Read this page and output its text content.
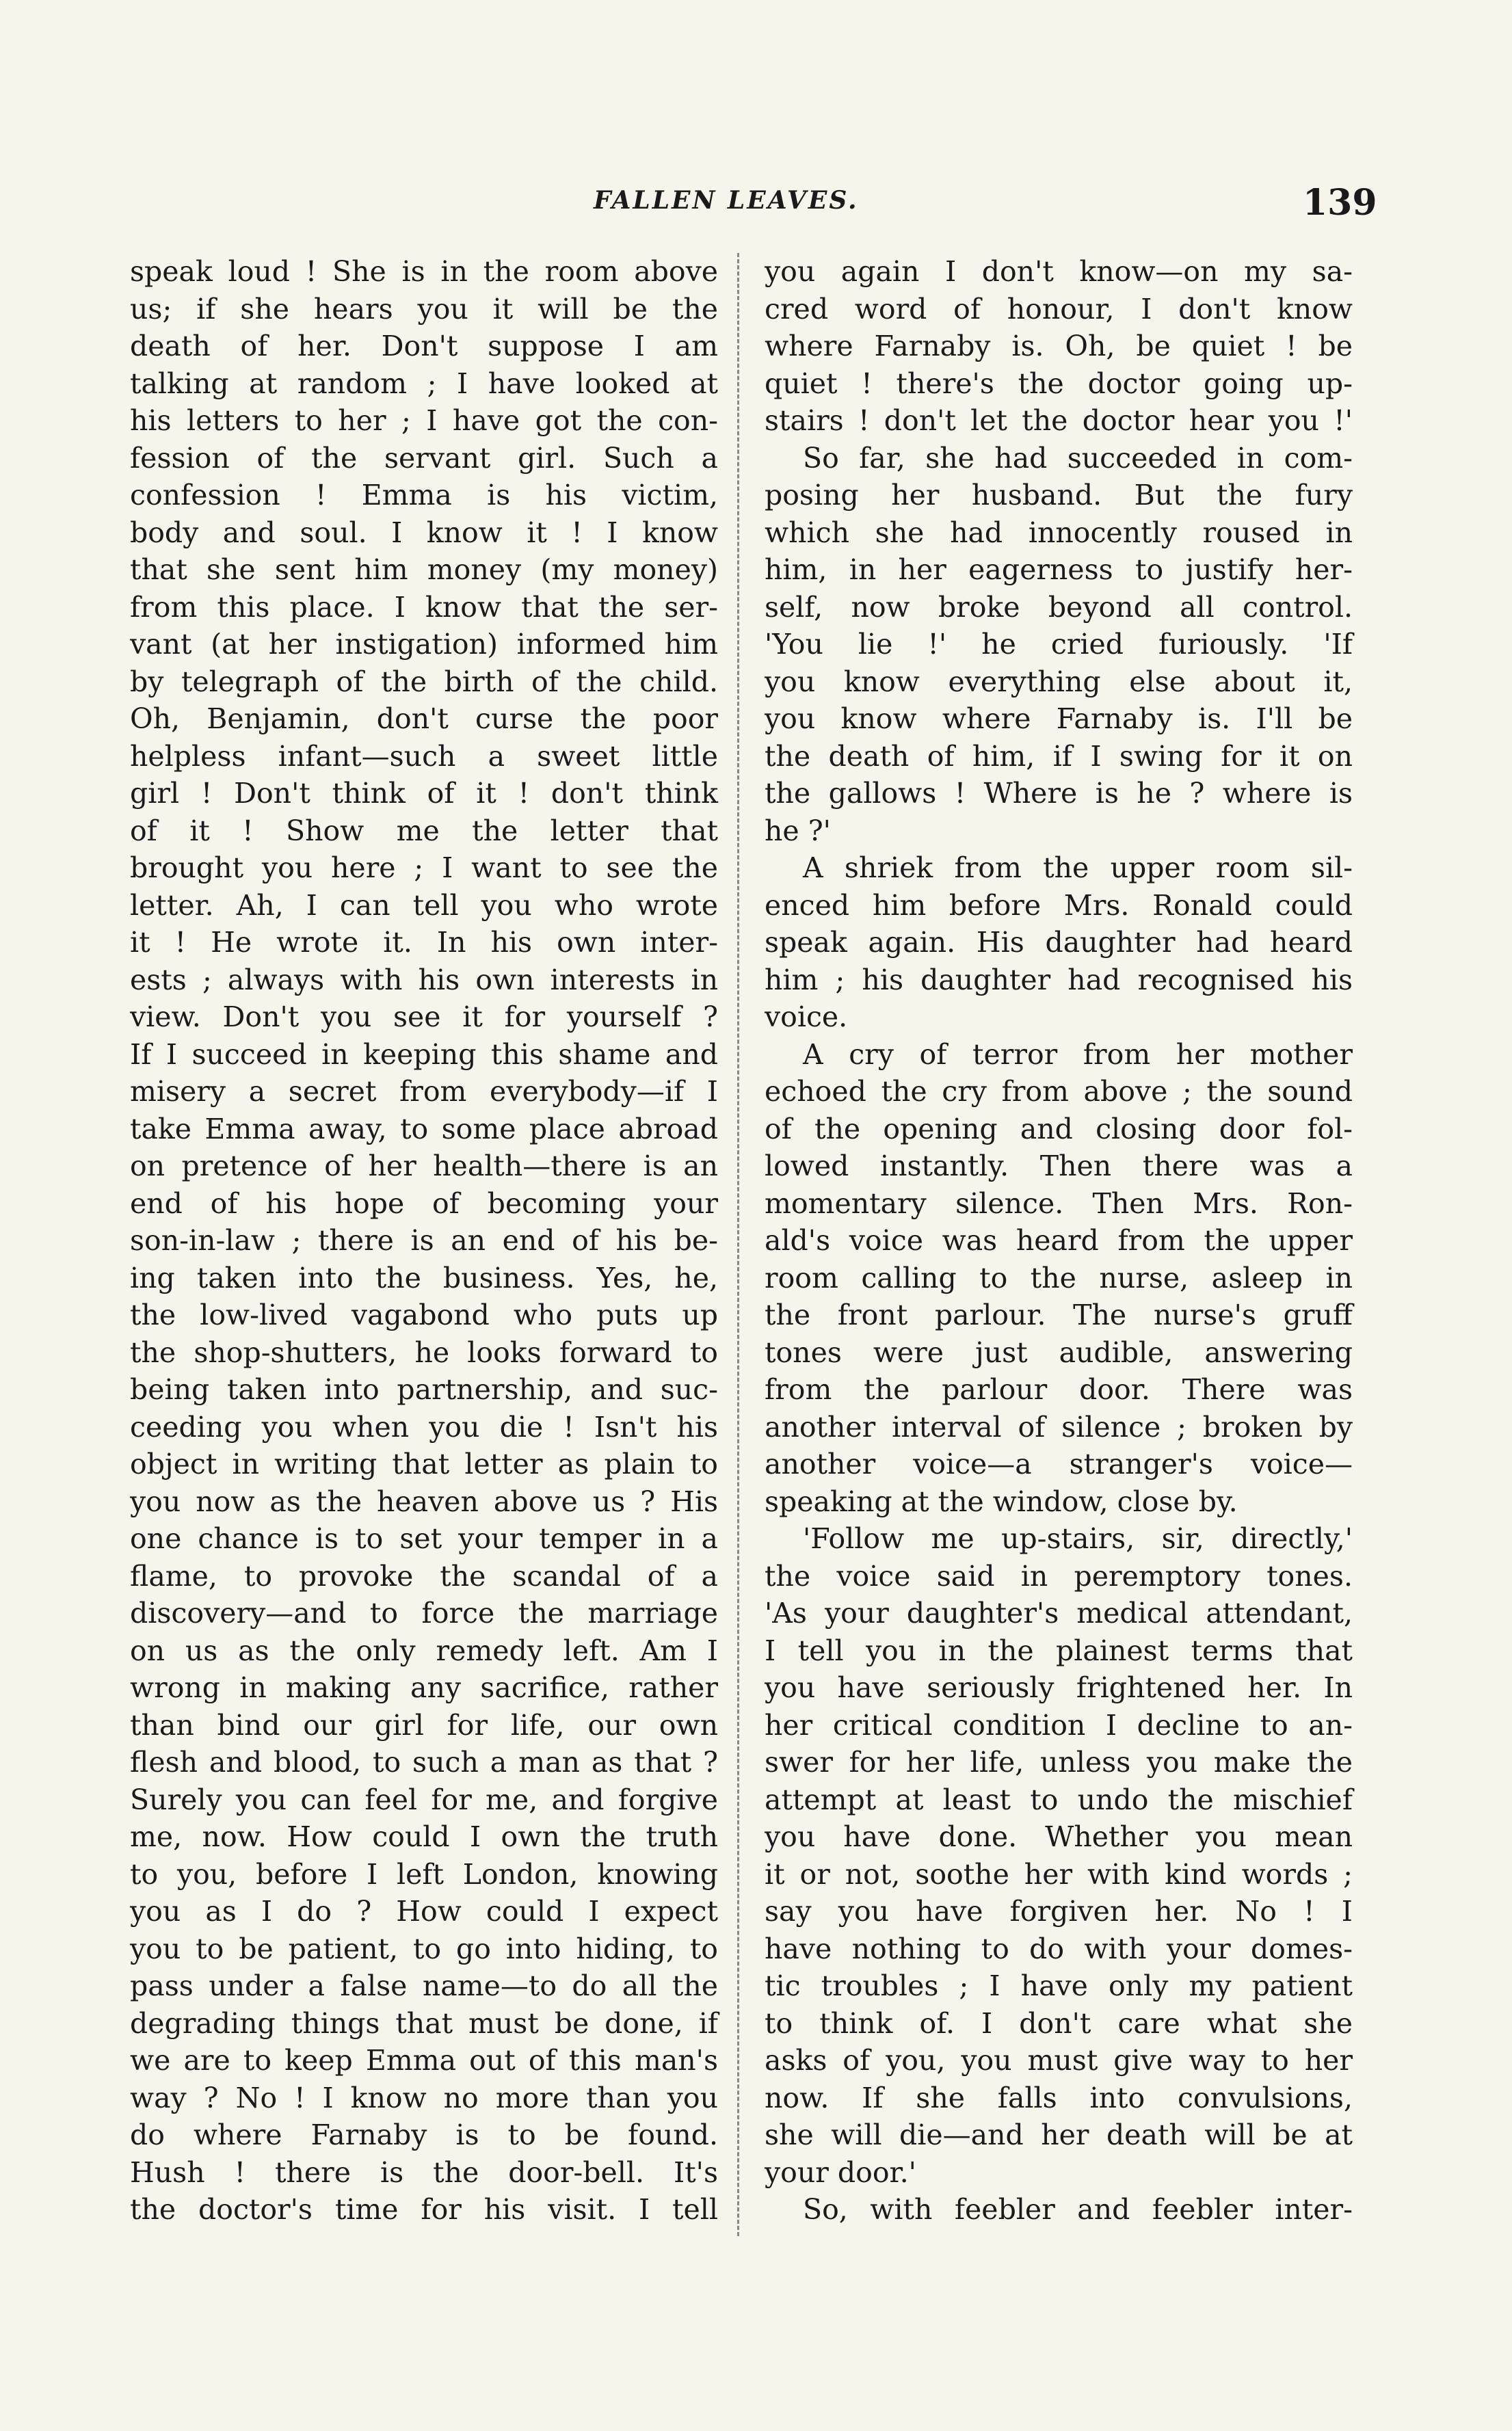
FALLEN LEAVES.	139
speak loud ! She is in the room above
us; if she hears you it will be the
death of her. Don't suppose I am
talking at random ; I have looked at
his letters to her ; I have got the con-
fession of the servant girl. Such a
confession ! Emma is his victim,
body and soul. I know it ! I know
that she sent him money (my money)
from this place. I know that the ser-
vant (at her instigation) informed him
by telegraph of the birth of the child.
Oh, Benjamin, don't curse the poor
helpless infant—such a sweet little
girl ! Don't think of it ! don't think
of it ! Show me the letter that
brought you here ; I want to see the
letter. Ah, I can tell you who wrote
it ! He wrote it. In his own inter-
ests ; always with his own interests in
view. Don't you see it for yourself ?
If I succeed in keeping this shame and
misery a secret from everybody—if I
take Emma away, to some place abroad
on pretence of her health—there is an
end of his hope of becoming your
son-in-law ; there is an end of his be-
ing taken into the business. Yes, he,
the low-lived vagabond who puts up
the shop-shutters, he looks forward to
being taken into partnership, and suc-
ceeding you when you die ! Isn't his
object in writing that letter as plain to
you now as the heaven above us ? His
one chance is to set your temper in a
flame, to provoke the scandal of a
discovery—and to force the marriage
on us as the only remedy left. Am I
wrong in making any sacrifice, rather
than bind our girl for life, our own
flesh and blood, to such a man as that ?
Surely you can feel for me, and forgive
me, now. How could I own the truth
to you, before I left London, knowing
you as I do ? How could I expect
you to be patient, to go into hiding, to
pass under a false name—to do all the
degrading things that must be done, if
we are to keep Emma out of this man's
way ? No ! I know no more than you
do where Farnaby is to be found.
Hush ! there is the door-bell. It's
the doctor's time for his visit. I tell
you again I don't know—on my sa-
cred word of honour, I don't know
where Farnaby is. Oh, be quiet ! be
quiet ! there's the doctor going up-
stairs ! don't let the doctor hear you !'
So far, she had succeeded in com-
posing her husband. But the fury
which she had innocently roused in
him, in her eagerness to justify her-
self, now broke beyond all control.
'You lie !' he cried furiously. 'If
you know everything else about it,
you know where Farnaby is. I'll be
the death of him, if I swing for it on
the gallows ! Where is he ? where is
he ?'
A shriek from the upper room sil-
enced him before Mrs. Ronald could
speak again. His daughter had heard
him ; his daughter had recognised his
voice.
A cry of terror from her mother
echoed the cry from above ; the sound
of the opening and closing door fol-
lowed instantly. Then there was a
momentary silence. Then Mrs. Ron-
ald's voice was heard from the upper
room calling to the nurse, asleep in
the front parlour. The nurse's gruff
tones were just audible, answering
from the parlour door. There was
another interval of silence ; broken by
another voice—a stranger's voice—
speaking at the window, close by.
'Follow me up-stairs, sir, directly,'
the voice said in peremptory tones.
'As your daughter's medical attendant,
I tell you in the plainest terms that
you have seriously frightened her. In
her critical condition I decline to an-
swer for her life, unless you make the
attempt at least to undo the mischief
you have done. Whether you mean
it or not, soothe her with kind words ;
say you have forgiven her. No ! I
have nothing to do with your domes-
tic troubles ; I have only my patient
to think of. I don't care what she
asks of you, you must give way to her
now. If she falls into convulsions,
she will die—and her death will be at
your door.'
So, with feebler and feebler inter-
